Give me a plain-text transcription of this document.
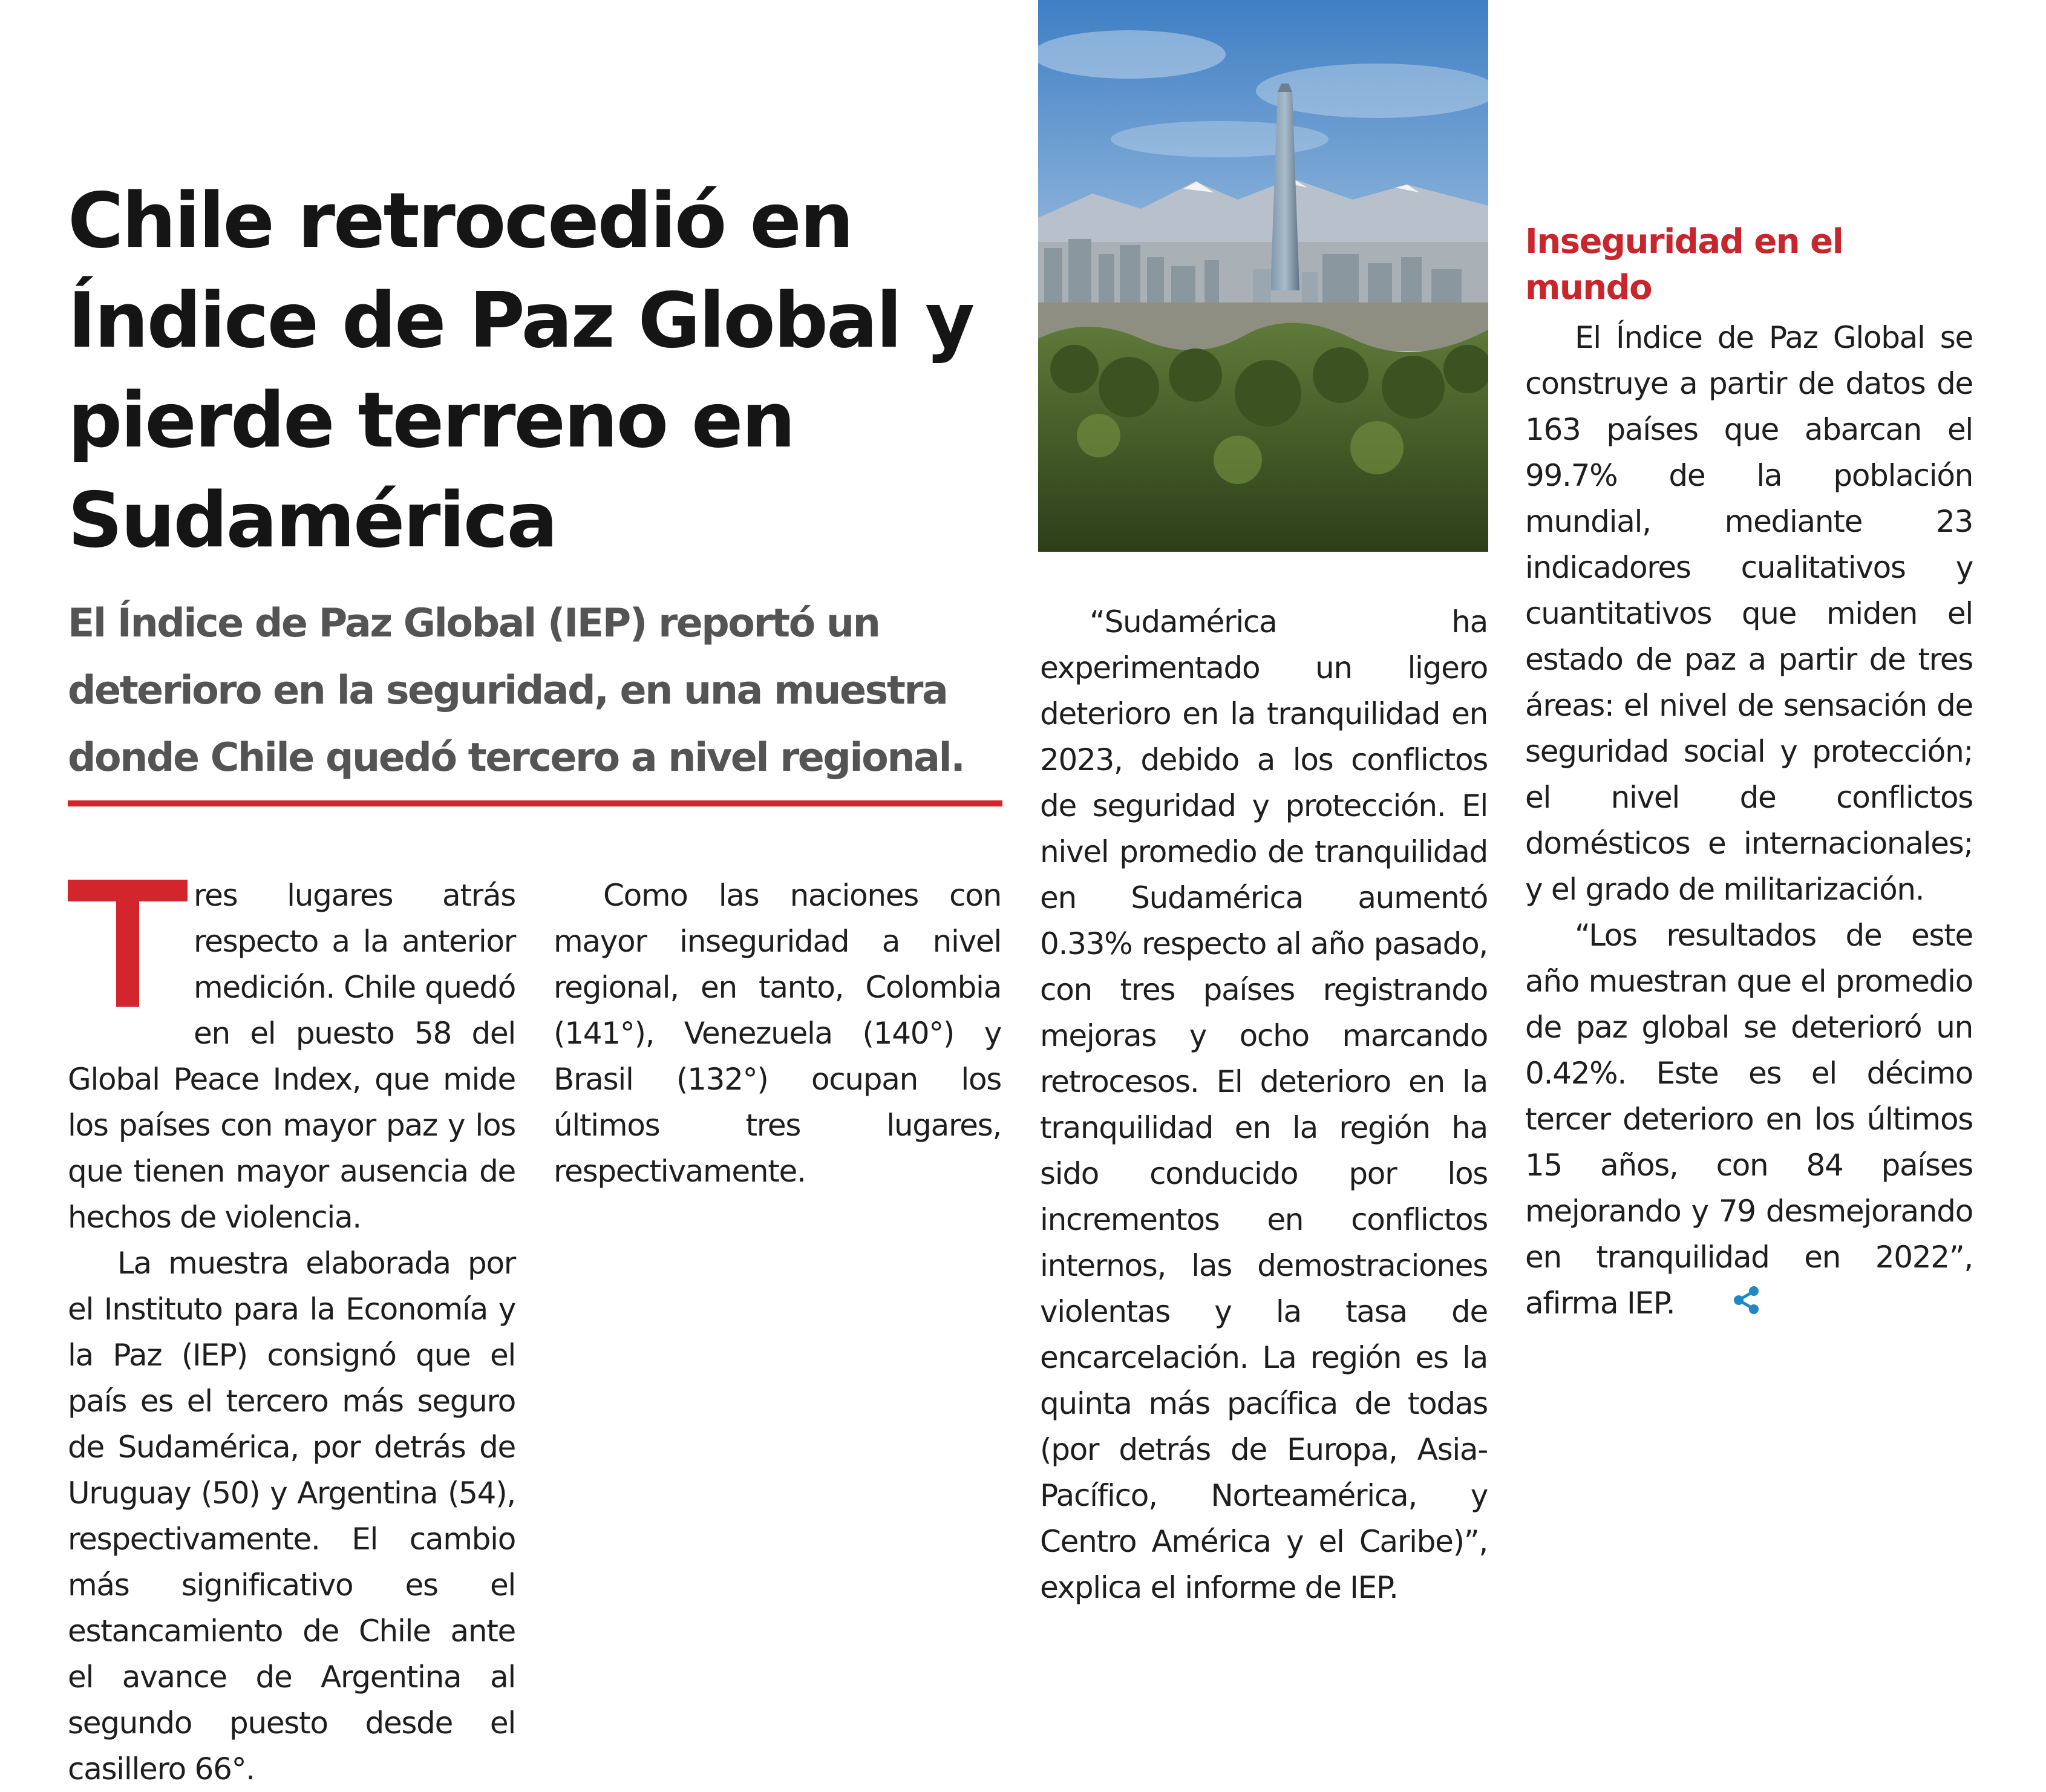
Chile retrocedió en Índice de Paz Global y pierde terreno en Sudamérica

El Índice de Paz Global (IEP) reportó un deterioro en la seguridad, en una muestra donde Chile quedó tercero a nivel regional.

res lugares atrás respecto a la anterior medición. Chile quedó en el puesto 58 del Global Peace Index, que mide los países con mayor paz y los que tienen mayor ausencia de hechos de violencia.

La muestra elaborada por el Instituto para la Economía y la Paz (IEP) consignó que el país es el tercero más seguro de Sudamérica, por detrás de Uruguay (50) y Argentina (54), respectivamente. El cambio más significativo es el estancamiento de Chile ante el avance de Argentina al segundo puesto desde el casillero 66°.

Como las naciones con mayor inseguridad a nivel regional, en tanto, Colombia (141°), Venezuela (140°) y Brasil (132°) ocupan los últimos tres lugares, respectivamente.

“Sudamérica ha experimentado un ligero deterioro en la tranquilidad en 2023, debido a los conflictos de seguridad y protección. El nivel promedio de tranquilidad en Sudamérica aumentó 0.33% respecto al año pasado, con tres países registrando mejoras y ocho marcando retrocesos. El deterioro en la tranquilidad en la región ha sido conducido por los incrementos en conflictos internos, las demostraciones violentas y la tasa de encarcelación. La región es la quinta más pacífica de todas (por detrás de Europa, Asia-Pacífico, Norteamérica, y Centro América y el Caribe)”, explica el informe de IEP.

Inseguridad en el mundo

El Índice de Paz Global se construye a partir de datos de 163 países que abarcan el 99.7% de la población mundial, mediante 23 indicadores cualitativos y cuantitativos que miden el estado de paz a partir de tres áreas: el nivel de sensación de seguridad social y protección; el nivel de conflictos domésticos e internacionales; y el grado de militarización.

“Los resultados de este año muestran que el promedio de paz global se deterioró un 0.42%. Este es el décimo tercer deterioro en los últimos 15 años, con 84 países mejorando y 79 desmejorando en tranquilidad en 2022”, afirma IEP.
